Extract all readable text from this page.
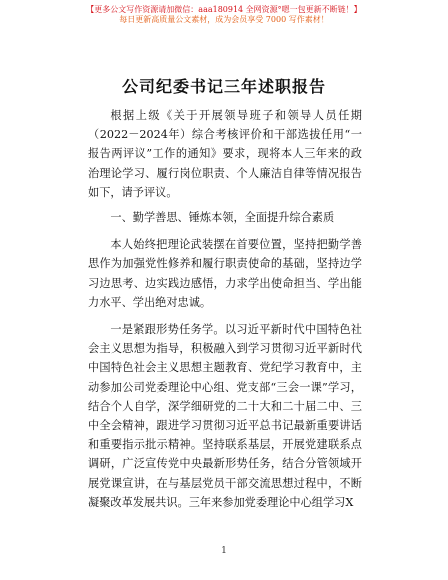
【更多公文写作资源请加微信：aaa180914 全网资源°嗯一包更新不断链！】
每日更新高质量公文素材，成为会员享受 7000 写作素材！
公司纪委书记三年述职报告

根据上级《关于开展领导班子和领导人员任期（2022－2024年）综合考核评价和干部选拔任用“一报告两评议”工作的通知》要求，现将本人三年来的政治理论学习、履行岗位职责、个人廉洁自律等情况报告如下，请予评议。

一、勤学善思、锤炼本领，全面提升综合素质

本人始终把理论武装摆在首要位置，坚持把勤学善思作为加强党性修养和履行职责使命的基础，坚持边学习边思考、边实践边感悟，力求学出使命担当、学出能力水平、学出绝对忠诚。

一是紧跟形势任务学。以习近平新时代中国特色社会主义思想为指导，积极融入到学习贯彻习近平新时代中国特色社会主义思想主题教育、党纪学习教育中，主动参加公司党委理论中心组、党支部“三会一课”学习，结合个人自学，深学细研党的二十大和二十届二中、三中全会精神，跟进学习贯彻习近平总书记最新重要讲话和重要指示批示精神。坚持联系基层，开展党建联系点调研，广泛宣传党中央最新形势任务，结合分管领域开展党课宣讲，在与基层党员干部交流思想过程中，不断凝聚改革发展共识。三年来参加党委理论中心组学习X

1
